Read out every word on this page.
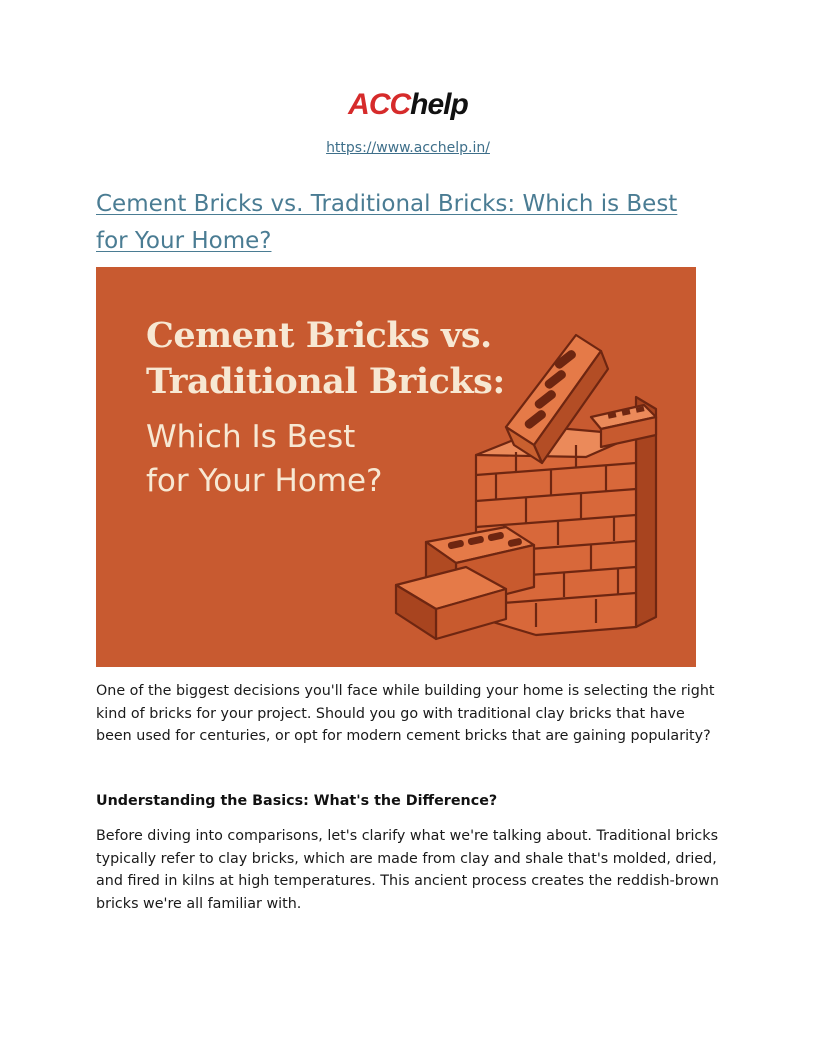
ACChelp
https://www.acchelp.in/
Cement Bricks vs. Traditional Bricks: Which is Best for Your Home?
Cement Bricks vs.
Traditional Bricks:
Which Is Best
for Your Home?
One of the biggest decisions you'll face while building your home is selecting the right kind of bricks for your project. Should you go with traditional clay bricks that have been used for centuries, or opt for modern cement bricks that are gaining popularity?
Understanding the Basics: What's the Difference?
Before diving into comparisons, let's clarify what we're talking about. Traditional bricks typically refer to clay bricks, which are made from clay and shale that's molded, dried, and fired in kilns at high temperatures. This ancient process creates the reddish-brown bricks we're all familiar with.
